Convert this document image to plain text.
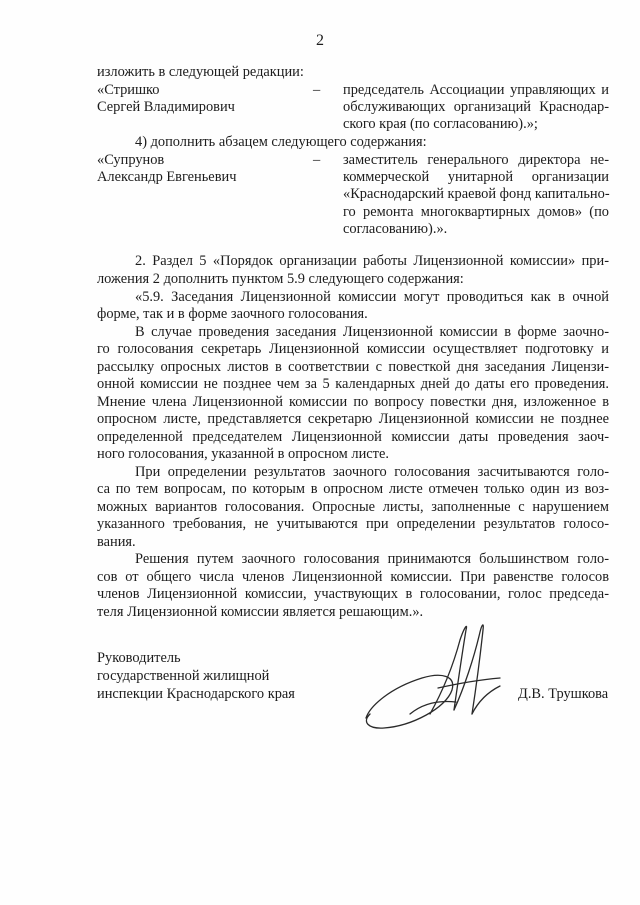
2

изложить в следующей редакции:

«Стришко
Сергей Владимирович
– председатель Ассоциации управляющих и

обслуживающих организаций Краснодар-

ского края (по согласованию).»;

4) дополнить абзацем следующего содержания:

«Супрунов
Александр Евгеньевич
– заместитель генерального директора не-

коммерческой унитарной организации

«Краснодарский краевой фонд капитально-

го ремонта многоквартирных домов» (по

согласованию).».

2. Раздел 5 «Порядок организации работы Лицензионной комиссии» при-

ложения 2 дополнить пунктом 5.9 следующего содержания:

«5.9. Заседания Лицензионной комиссии могут проводиться как в очной

форме, так и в форме заочного голосования.

В случае проведения заседания Лицензионной комиссии в форме заочно-

го голосования секретарь Лицензионной комиссии осуществляет подготовку и

рассылку опросных листов в соответствии с повесткой дня заседания Лицензи-

онной комиссии не позднее чем за 5 календарных дней до даты его проведения.

Мнение члена Лицензионной комиссии по вопросу повестки дня, изложенное в

опросном листе, представляется секретарю Лицензионной комиссии не позднее

определенной председателем Лицензионной комиссии даты проведения заоч-

ного голосования, указанной в опросном листе.

При определении результатов заочного голосования засчитываются голо-

са по тем вопросам, по которым в опросном листе отмечен только один из воз-

можных вариантов голосования. Опросные листы, заполненные с нарушением

указанного требования, не учитываются при определении результатов голосо-

вания.

Решения путем заочного голосования принимаются большинством голо-

сов от общего числа членов Лицензионной комиссии. При равенстве голосов

членов Лицензионной комиссии, участвующих в голосовании, голос председа-

теля Лицензионной комиссии является решающим.».

Руководитель
государственной жилищной
инспекции Краснодарского края	Д.В. Трушкова
